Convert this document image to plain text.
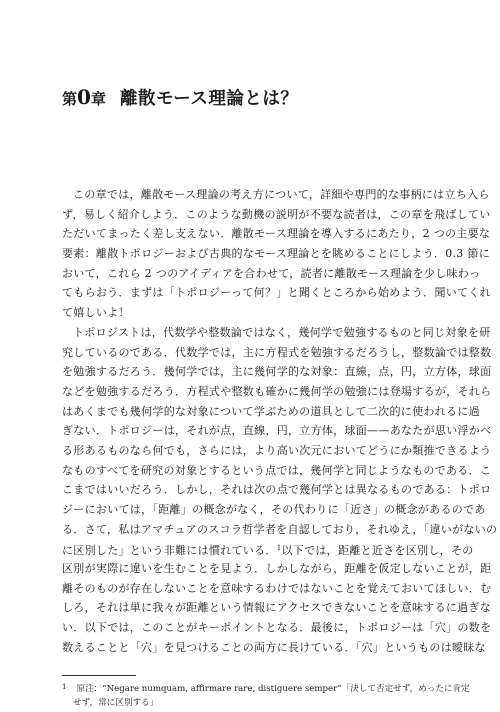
第0章 離散モース理論とは？
この章では，離散モース理論の考え方について，詳細や専門的な事柄には立ち入ら
ず，易しく紹介しよう．このような動機の説明が不要な読者は，この章を飛ばしてい
ただいてまったく差し支えない．離散モース理論を導入するにあたり，2 つの主要な
要素：離散トポロジーおよび古典的なモース理論とを眺めることにしよう．0.3 節に
おいて，これら 2 つのアイディアを合わせて，読者に離散モース理論を少し味わっ
てもらおう．まずは「トポロジーって何？」と聞くところから始めよう．聞いてくれ
て嬉しいよ！
トポロジストは，代数学や整数論ではなく，幾何学で勉強するものと同じ対象を研
究しているのである．代数学では，主に方程式を勉強するだろうし，整数論では整数
を勉強するだろう．幾何学では，主に幾何学的な対象：直線，点，円，立方体，球面
などを勉強するだろう．方程式や整数も確かに幾何学の勉強には登場するが，それら
はあくまでも幾何学的な対象について学ぶための道具として二次的に使われるに過
ぎない．トポロジーは，それが点，直線，円，立方体，球面——あなたが思い浮かべ
る形あるものなら何でも，さらには，より高い次元においてどうにか類推できるよう
なものすべてを研究の対象とするという点では，幾何学と同じようなものである．こ
こまではいいだろう．しかし，それは次の点で幾何学とは異なるものである：トポロ
ジーにおいては，「距離」の概念がなく，その代わりに「近さ」の概念があるのであ
る．さて，私はアマチュアのスコラ哲学者を自認しており，それゆえ，「違いがないの
に区別した」という非難には慣れている．$^1$以下では，距離と近さを区別し，その
区別が実際に違いを生むことを見よう．しかしながら，距離を仮定しないことが，距
離そのものが存在しないことを意味するわけではないことを覚えておいてほしい．む
しろ，それは単に我々が距離という情報にアクセスできないことを意味するに過ぎな
い．以下では，このことがキーポイントとなる．最後に，トポロジーは「穴」の数を
数えることと「穴」を見つけることの両方に長けている．「穴」というものは曖昧な
$^1$ 原注：“Negare numquam, affirmare rare, distiguere semper”「決して否定せず，めったに肯定
せず，常に区別する」
